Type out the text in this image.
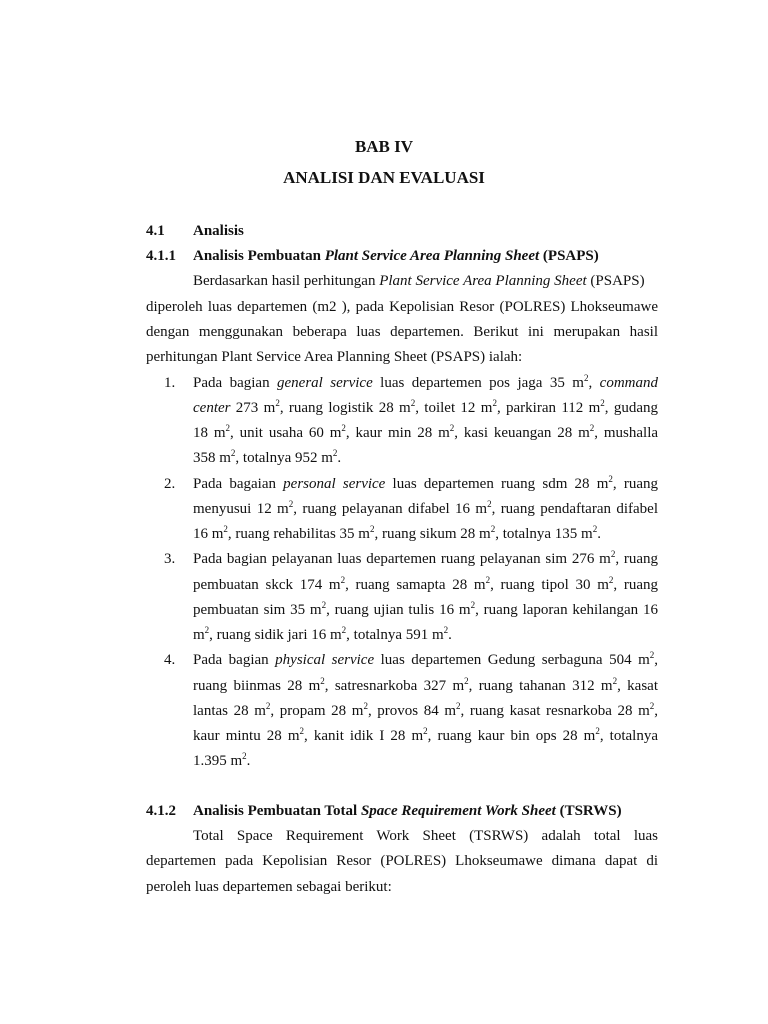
BAB IV
ANALISI DAN EVALUASI
4.1 Analisis
4.1.1 Analisis Pembuatan Plant Service Area Planning Sheet (PSAPS)
Berdasarkan hasil perhitungan Plant Service Area Planning Sheet (PSAPS)
diperoleh luas departemen (m2 ), pada Kepolisian Resor (POLRES) Lhokseumawe
dengan menggunakan beberapa luas departemen. Berikut ini merupakan hasil
perhitungan Plant Service Area Planning Sheet (PSAPS) ialah:
1. Pada bagian general service luas departemen pos jaga 35 $m^2$, command
center 273 $m^2$, ruang logistik 28 $m^2$, toilet 12 $m^2$, parkiran 112 $m^2$, gudang
18 $m^2$, unit usaha 60 $m^2$, kaur min 28 $m^2$, kasi keuangan 28 $m^2$, mushalla
358 $m^2$, totalnya 952 $m^2$.
2. Pada bagaian personal service luas departemen ruang sdm 28 $m^2$, ruang
menyusui 12 $m^2$, ruang pelayanan difabel 16 $m^2$, ruang pendaftaran difabel
16 $m^2$, ruang rehabilitas 35 $m^2$, ruang sikum 28 $m^2$, totalnya 135 $m^2$.
3. Pada bagian pelayanan luas departemen ruang pelayanan sim 276 $m^2$, ruang
pembuatan skck 174 $m^2$, ruang samapta 28 $m^2$, ruang tipol 30 $m^2$, ruang
pembuatan sim 35 $m^2$, ruang ujian tulis 16 $m^2$, ruang laporan kehilangan 16
$m^2$, ruang sidik jari 16 $m^2$, totalnya 591 $m^2$.
4. Pada bagian physical service luas departemen Gedung serbaguna 504 $m^2$,
ruang biinmas 28 $m^2$, satresnarkoba 327 $m^2$, ruang tahanan 312 $m^2$, kasat
lantas 28 $m^2$, propam 28 $m^2$, provos 84 $m^2$, ruang kasat resnarkoba 28 $m^2$,
kaur mintu 28 $m^2$, kanit idik I 28 $m^2$, ruang kaur bin ops 28 $m^2$, totalnya
1.395 $m^2$.
4.1.2 Analisis Pembuatan Total Space Requirement Work Sheet (TSRWS)
Total Space Requirement Work Sheet (TSRWS) adalah total luas
departemen pada Kepolisian Resor (POLRES) Lhokseumawe dimana dapat di
peroleh luas departemen sebagai berikut:
